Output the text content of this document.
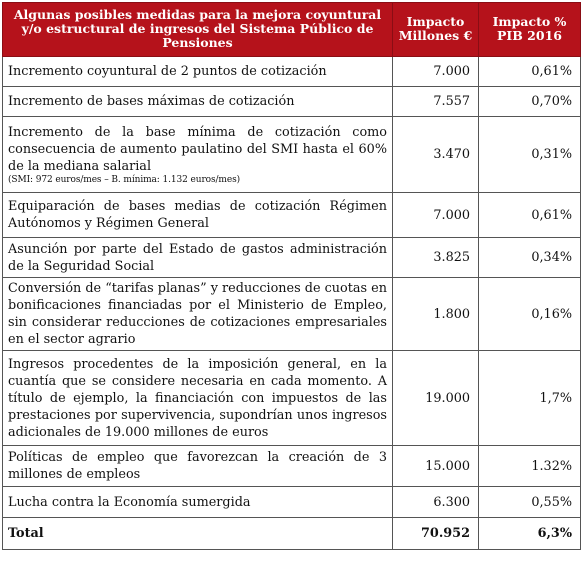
Algunas posibles medidas para la mejora coyuntural y/o estructural de ingresos del Sistema Público de Pensiones	Impacto Millones €	Impacto % PIB 2016
Incremento coyuntural de 2 puntos de cotización	7.000	0,61%
Incremento de bases máximas de cotización	7.557	0,70%
Incremento de la base mínima de cotización como consecuencia de aumento paulatino del SMI hasta el 60% de la mediana salarial
(SMI: 972 euros/mes – B. mínima: 1.132 euros/mes)	3.470	0,31%
Equiparación de bases medias de cotización Régimen Autónomos y Régimen General	7.000	0,61%
Asunción por parte del Estado de gastos administración de la Seguridad Social	3.825	0,34%
Conversión de “tarifas planas” y reducciones de cuotas en bonificaciones financiadas por el Ministerio de Empleo, sin considerar reducciones de cotizaciones empresariales en el sector agrario	1.800	0,16%
Ingresos procedentes de la imposición general, en la cuantía que se considere necesaria en cada momento. A título de ejemplo, la financiación con impuestos de las prestaciones por supervivencia, supondrían unos ingresos adicionales de 19.000 millones de euros	19.000	1,7%
Políticas de empleo que favorezcan la creación de 3 millones de empleos	15.000	1.32%
Lucha contra la Economía sumergida	6.300	0,55%
Total	70.952	6,3%
